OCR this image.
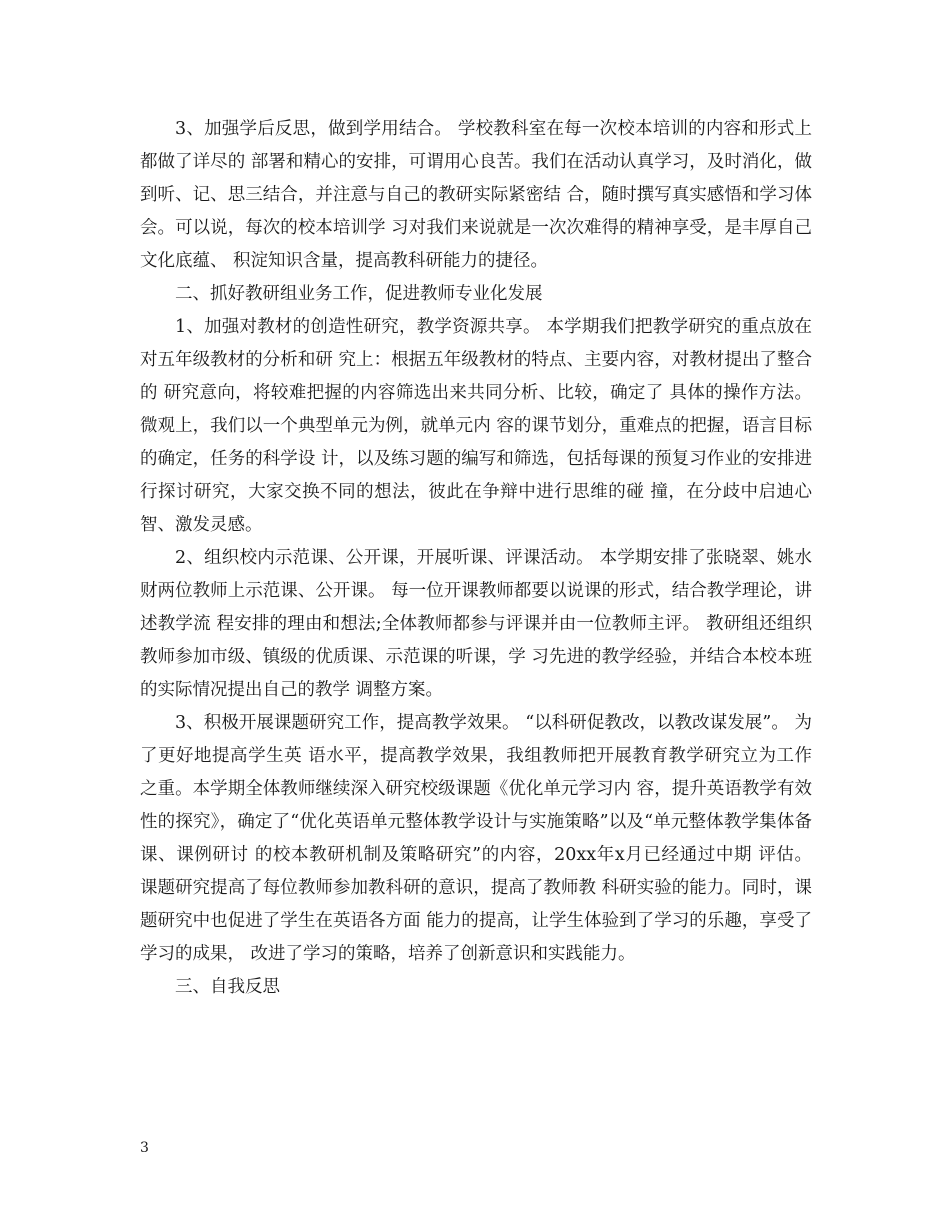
3、加强学后反思，做到学用结合。 学校教科室在每一次校本培训的内容和形式上都做了详尽的 部署和精心的安排，可谓用心良苦。我们在活动认真学习，及时消化，做到听、记、思三结合，并注意与自己的教研实际紧密结 合，随时撰写真实感悟和学习体会。可以说，每次的校本培训学 习对我们来说就是一次次难得的精神享受，是丰厚自己文化底蕴、 积淀知识含量，提高教科研能力的捷径。

二、抓好教研组业务工作，促进教师专业化发展

1、加强对教材的创造性研究，教学资源共享。 本学期我们把教学研究的重点放在对五年级教材的分析和研 究上：根据五年级教材的特点、主要内容，对教材提出了整合的 研究意向，将较难把握的内容筛选出来共同分析、比较，确定了 具体的操作方法。微观上，我们以一个典型单元为例，就单元内 容的课节划分，重难点的把握，语言目标的确定，任务的科学设 计，以及练习题的编写和筛选，包括每课的预复习作业的安排进 行探讨研究，大家交换不同的想法，彼此在争辩中进行思维的碰 撞，在分歧中启迪心智、激发灵感。

2、组织校内示范课、公开课，开展听课、评课活动。 本学期安排了张晓翠、姚水财两位教师上示范课、公开课。 每一位开课教师都要以说课的形式，结合教学理论，讲述教学流 程安排的理由和想法;全体教师都参与评课并由一位教师主评。 教研组还组织教师参加市级、镇级的优质课、示范课的听课，学 习先进的教学经验，并结合本校本班的实际情况提出自己的教学 调整方案。

3、积极开展课题研究工作，提高教学效果。 “以科研促教改，以教改谋发展”。 为了更好地提高学生英 语水平，提高教学效果，我组教师把开展教育教学研究立为工作 之重。本学期全体教师继续深入研究校级课题《优化单元学习内 容，提升英语教学有效性的探究》，确定了“优化英语单元整体教学设计与实施策略”以及“单元整体教学集体备课、课例研讨 的校本教研机制及策略研究”的内容，20xx年x月已经通过中期 评估。 课题研究提高了每位教师参加教科研的意识，提高了教师教 科研实验的能力。同时，课题研究中也促进了学生在英语各方面 能力的提高，让学生体验到了学习的乐趣，享受了学习的成果， 改进了学习的策略，培养了创新意识和实践能力。

三、自我反思

3
